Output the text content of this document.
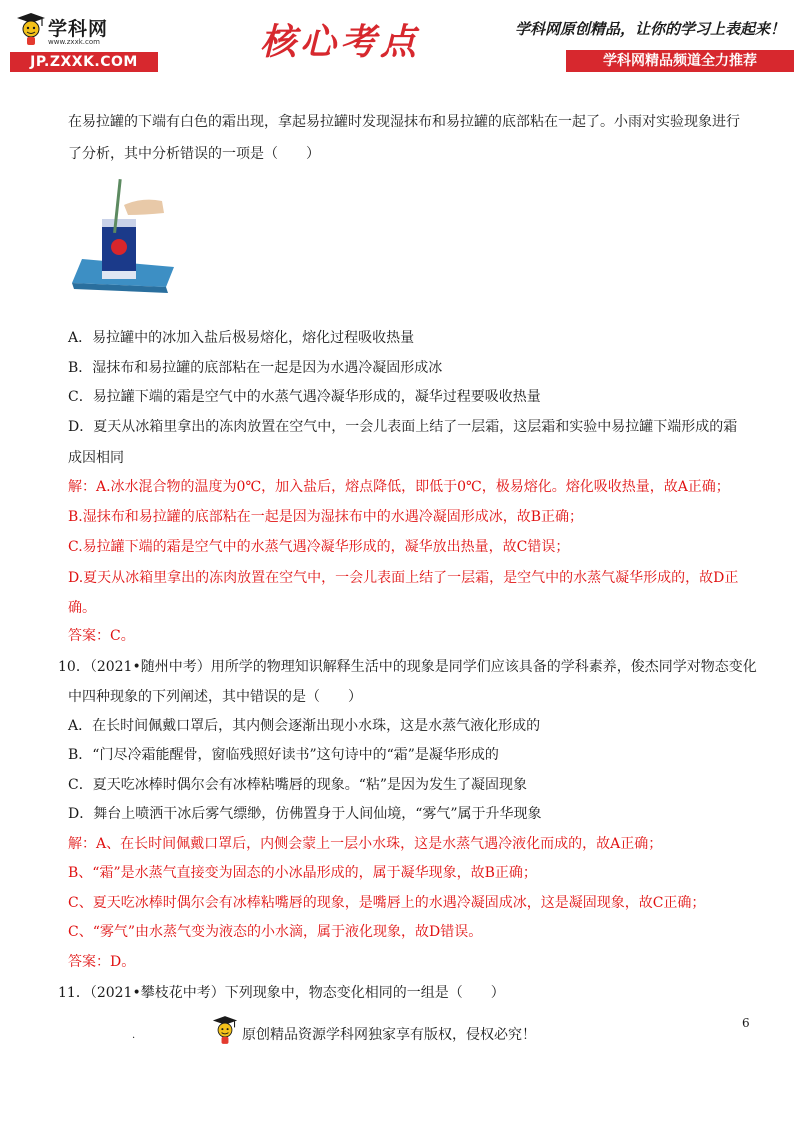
学科网
www.zxxk.com
JP.ZXXK.COM	核心考点	学科网原创精品，让你的学习上表起来！
学科网精品频道全力推荐
在易拉罐的下端有白色的霜出现，拿起易拉罐时发现湿抹布和易拉罐的底部粘在一起了。小雨对实验现象进行
了分析，其中分析错误的一项是（　　）
A．易拉罐中的冰加入盐后极易熔化，熔化过程吸收热量
B．湿抹布和易拉罐的底部粘在一起是因为水遇冷凝固形成冰
C．易拉罐下端的霜是空气中的水蒸气遇冷凝华形成的，凝华过程要吸收热量
D．夏天从冰箱里拿出的冻肉放置在空气中，一会儿表面上结了一层霜，这层霜和实验中易拉罐下端形成的霜
成因相同
解：A.冰水混合物的温度为0℃，加入盐后，熔点降低，即低于0℃，极易熔化。熔化吸收热量，故A正确；
B.湿抹布和易拉罐的底部粘在一起是因为湿抹布中的水遇冷凝固形成冰，故B正确；
C.易拉罐下端的霜是空气中的水蒸气遇冷凝华形成的，凝华放出热量，故C错误；
D.夏天从冰箱里拿出的冻肉放置在空气中，一会儿表面上结了一层霜，是空气中的水蒸气凝华形成的，故D正
确。
答案：C。
10．（2021•随州中考）用所学的物理知识解释生活中的现象是同学们应该具备的学科素养，俊杰同学对物态变化
中四种现象的下列阐述，其中错误的是（　　）
A．在长时间佩戴口罩后，其内侧会逐渐出现小水珠，这是水蒸气液化形成的
B．“门尽冷霜能醒骨，窗临残照好读书”这句诗中的“霜”是凝华形成的
C．夏天吃冰棒时偶尔会有冰棒粘嘴唇的现象。“粘”是因为发生了凝固现象
D．舞台上喷洒干冰后雾气缥缈，仿佛置身于人间仙境，“雾气”属于升华现象
解：A、在长时间佩戴口罩后，内侧会蒙上一层小水珠，这是水蒸气遇冷液化而成的，故A正确；
B、“霜”是水蒸气直接变为固态的小冰晶形成的，属于凝华现象，故B正确；
C、夏天吃冰棒时偶尔会有冰棒粘嘴唇的现象，是嘴唇上的水遇冷凝固成冰，这是凝固现象，故C正确；
C、“雾气”由水蒸气变为液态的小水滴，属于液化现象，故D错误。
答案：D。
11．（2021•攀枝花中考）下列现象中，物态变化相同的一组是（　　）
.	原创精品资源学科网独家享有版权，侵权必究！
6
